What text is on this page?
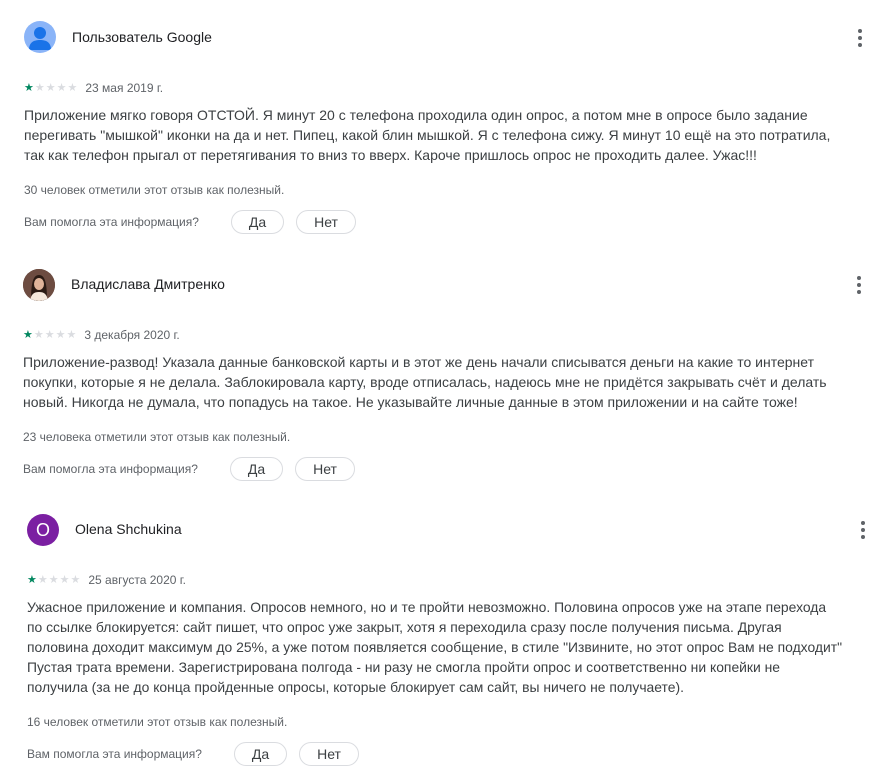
Пользователь Google
★ ★ ★ ★ ★ 23 мая 2019 г.
Приложение мягко говоря ОТСТОЙ. Я минут 20 с телефона проходила один опрос, а потом мне в опросе было задание
перегивать "мышкой" иконки на да и нет. Пипец, какой блин мышкой. Я с телефона сижу. Я минут 10 ещё на это потратила,
так как телефон прыгал от перетягивания то вниз то вверх. Кароче пришлось опрос не проходить далее. Ужас!!!
30 человек отметили этот отзыв как полезный.
Вам помогла эта информация?	Да	Нет
Владислава Дмитренко
★ ★ ★ ★ ★ 3 декабря 2020 г.
Приложение-развод! Указала данные банковской карты и в этот же день начали списыватся деньги на какие то интернет
покупки, которые я не делала. Заблокировала карту, вроде отписалась, надеюсь мне не придётся закрывать счёт и делать
новый. Никогда не думала, что попадусь на такое. Не указывайте личные данные в этом приложении и на сайте тоже!
23 человека отметили этот отзыв как полезный.
Вам помогла эта информация?	Да	Нет
O Olena Shchukina
★ ★ ★ ★ ★ 25 августа 2020 г.
Ужасное приложение и компания. Опросов немного, но и те пройти невозможно. Половина опросов уже на этапе перехода
по ссылке блокируется: сайт пишет, что опрос уже закрыт, хотя я переходила сразу после получения письма. Другая
половина доходит максимум до 25%, а уже потом появляется сообщение, в стиле "Извините, но этот опрос Вам не подходит"
Пустая трата времени. Зарегистрирована полгода - ни разу не смогла пройти опрос и соответственно ни копейки не
получила (за не до конца пройденные опросы, которые блокирует сам сайт, вы ничего не получаете).
16 человек отметили этот отзыв как полезный.
Вам помогла эта информация?	Да	Нет
